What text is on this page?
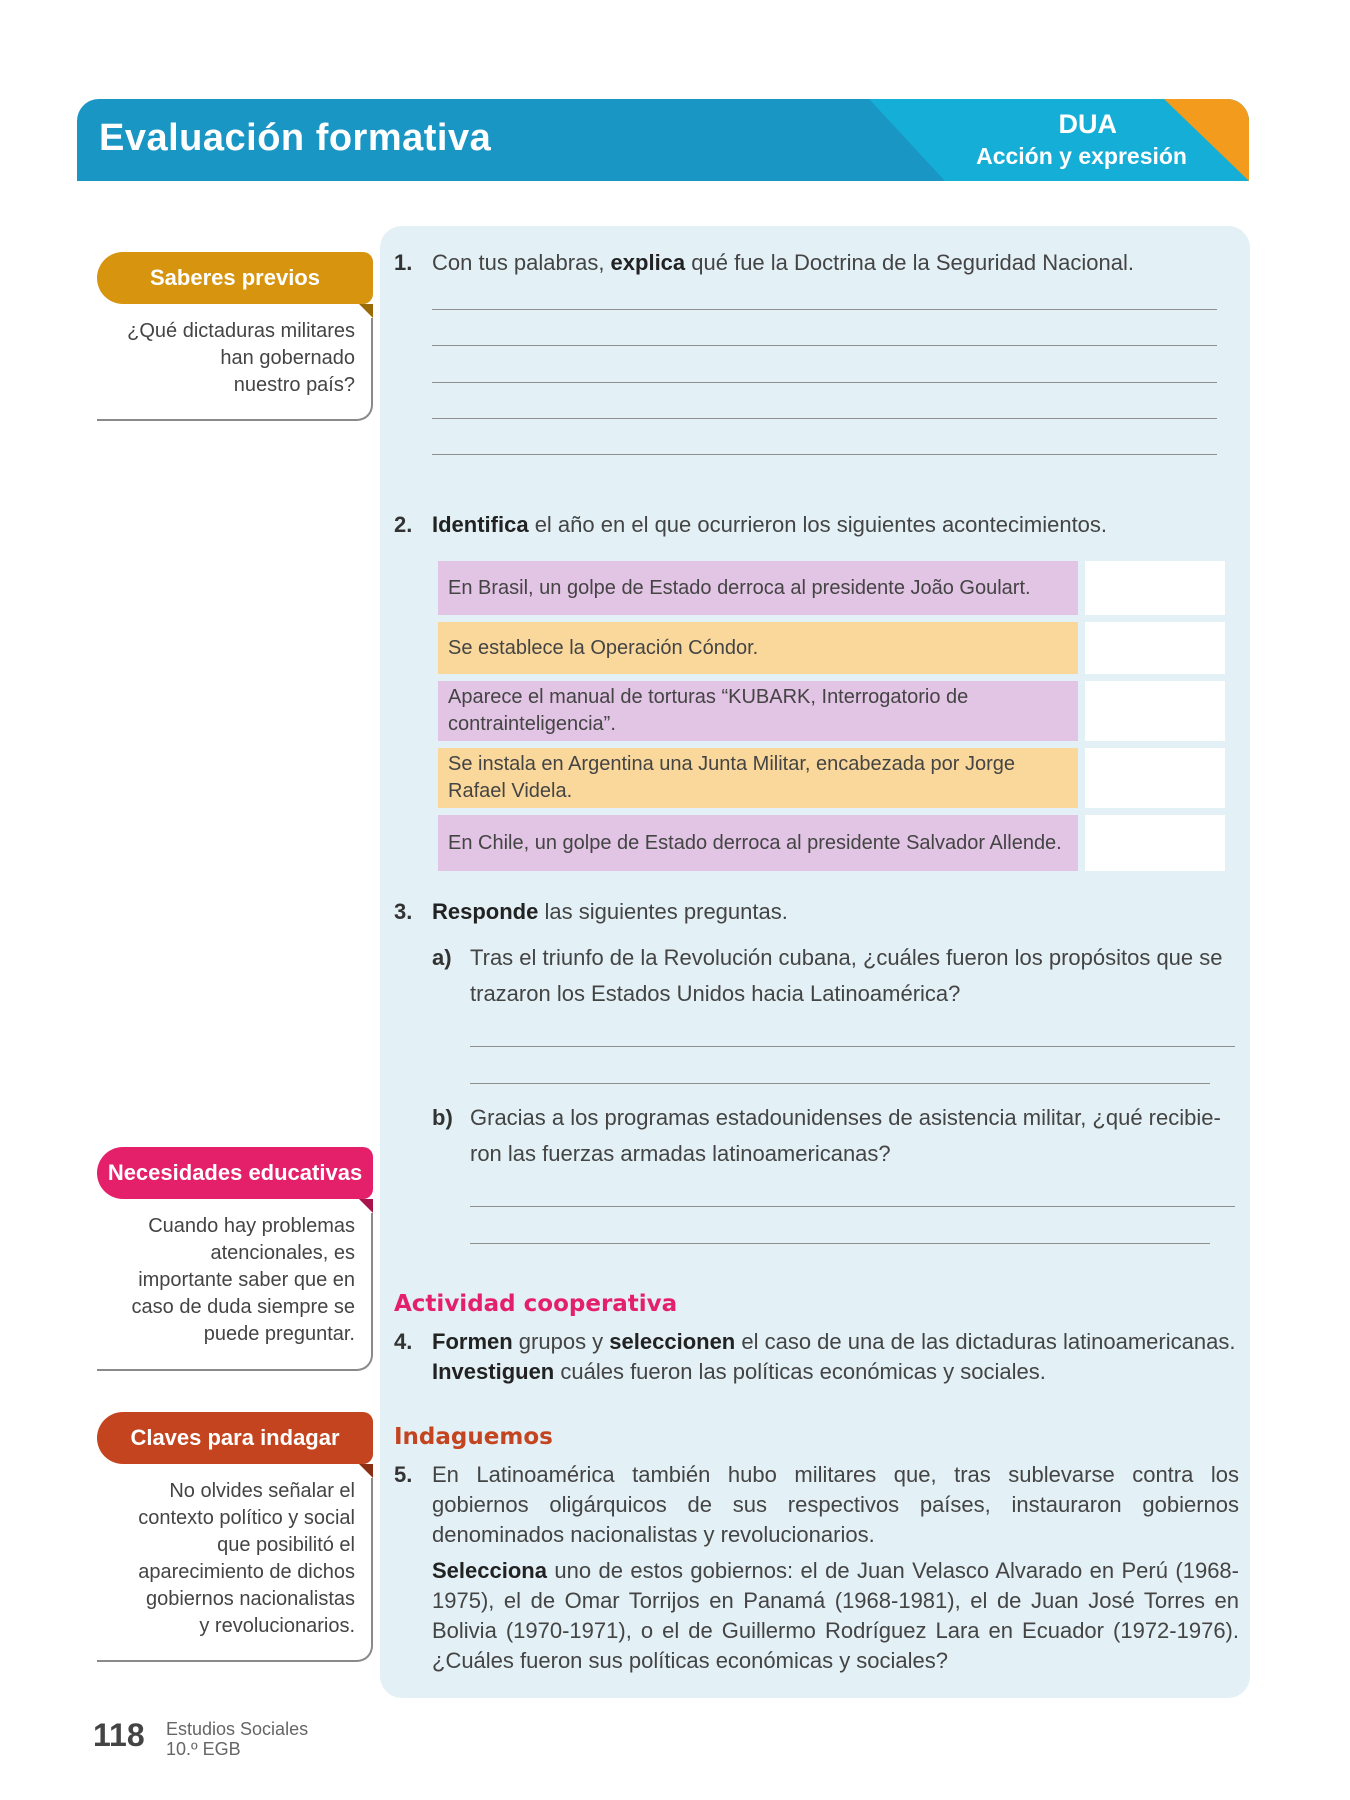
Evaluación formativa	DUA
Acción y expresión
Saberes previos
¿Qué dictaduras militares
han gobernado
nuestro país?
Necesidades educativas
Cuando hay problemas
atencionales, es
importante saber que en
caso de duda siempre se
puede preguntar.
Claves para indagar
No olvides señalar el
contexto político y social
que posibilitó el
aparecimiento de dichos
gobiernos nacionalistas
y revolucionarios.
1. Con tus palabras, explica qué fue la Doctrina de la Seguridad Nacional.
2. Identifica el año en el que ocurrieron los siguientes acontecimientos.
En Brasil, un golpe de Estado derroca al presidente João Goulart.
Se establece la Operación Cóndor.
Aparece el manual de torturas “KUBARK, Interrogatorio de contrainteligencia”.
Se instala en Argentina una Junta Militar, encabezada por Jorge Rafael Videla.
En Chile, un golpe de Estado derroca al presidente Salvador Allende.
3. Responde las siguientes preguntas.
a) Tras el triunfo de la Revolución cubana, ¿cuáles fueron los propósitos que se trazaron los Estados Unidos hacia Latinoamérica?
b) Gracias a los programas estadounidenses de asistencia militar, ¿qué recibie-ron las fuerzas armadas latinoamericanas?
Actividad cooperativa
4. Formen grupos y seleccionen el caso de una de las dictaduras latinoamericanas.
Investiguen cuáles fueron las políticas económicas y sociales.
Indaguemos
5. En Latinoamérica también hubo militares que, tras sublevarse contra los gobiernos oligárquicos de sus respectivos países, instauraron gobiernos denominados nacionalistas y revolucionarios.
Selecciona uno de estos gobiernos: el de Juan Velasco Alvarado en Perú (1968-1975), el de Omar Torrijos en Panamá (1968-1981), el de Juan José Torres en Bolivia (1970-1971), o el de Guillermo Rodríguez Lara en Ecuador (1972-1976). ¿Cuáles fueron sus políticas económicas y sociales?
118 Estudios Sociales
10.º EGB
